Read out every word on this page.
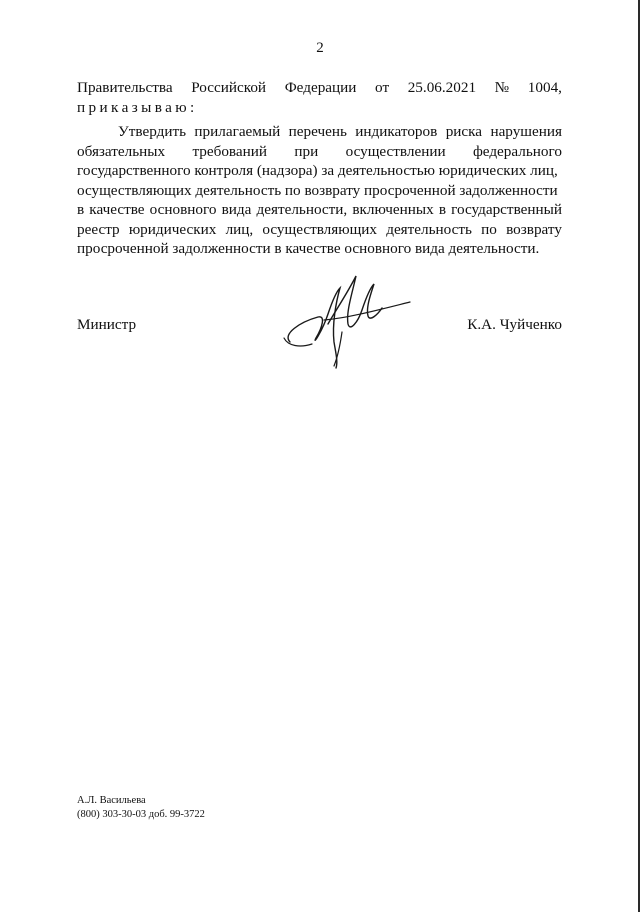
2
Правительства Российской Федерации от 25.06.2021 № 1004,
приказываю:
Утвердить прилагаемый перечень индикаторов риска нарушения
обязательных требований при осуществлении федерального
государственного контроля (надзора) за деятельностью юридических лиц,
осуществляющих деятельность по возврату просроченной задолженности
в качестве основного вида деятельности, включенных в государственный
реестр юридических лиц, осуществляющих деятельность по возврату
просроченной задолженности в качестве основного вида деятельности.
Министр	К.А. Чуйченко
А.Л. Васильева
(800) 303-30-03 доб. 99-3722
